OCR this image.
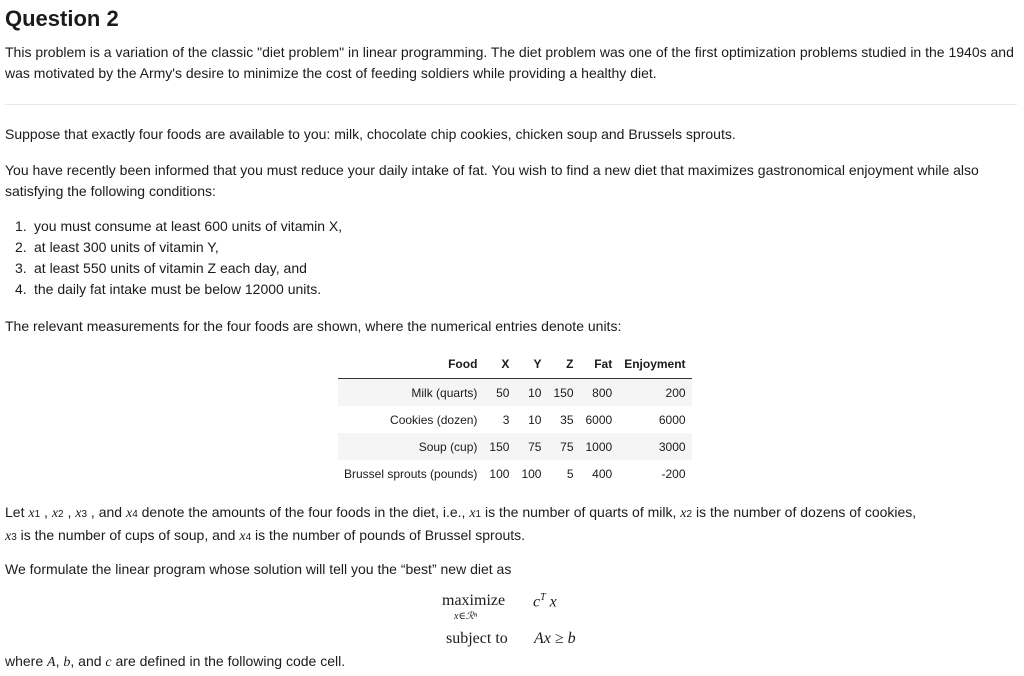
Question 2

This problem is a variation of the classic "diet problem" in linear programming. The diet problem was one of the first optimization problems studied in the 1940s and was motivated by the Army's desire to minimize the cost of feeding soldiers while providing a healthy diet.

Suppose that exactly four foods are available to you: milk, chocolate chip cookies, chicken soup and Brussels sprouts.

You have recently been informed that you must reduce your daily intake of fat. You wish to find a new diet that maximizes gastronomical enjoyment while also satisfying the following conditions:

1. you must consume at least 600 units of vitamin X,
2. at least 300 units of vitamin Y,
3. at least 550 units of vitamin Z each day, and
4. the daily fat intake must be below 12000 units.

The relevant measurements for the four foods are shown, where the numerical entries denote units:

Food	X	Y	Z	Fat	Enjoyment
Milk (quarts)	50	10	150	800	200
Cookies (dozen)	3	10	35	6000	6000
Soup (cup)	150	75	75	1000	3000
Brussel sprouts (pounds)	100	100	5	400	-200

Let x1 , x2 , x3 , and x4 denote the amounts of the four foods in the diet, i.e., x1 is the number of quarts of milk, x2 is the number of dozens of cookies,
x3 is the number of cups of soup, and x4 is the number of pounds of Brussel sprouts.

We formulate the linear program whose solution will tell you the “best” new diet as

maximize
x∈ℛⁿ
$c^T$ x
subject to Ax ≥ b

where A, b, and c are defined in the following code cell.
